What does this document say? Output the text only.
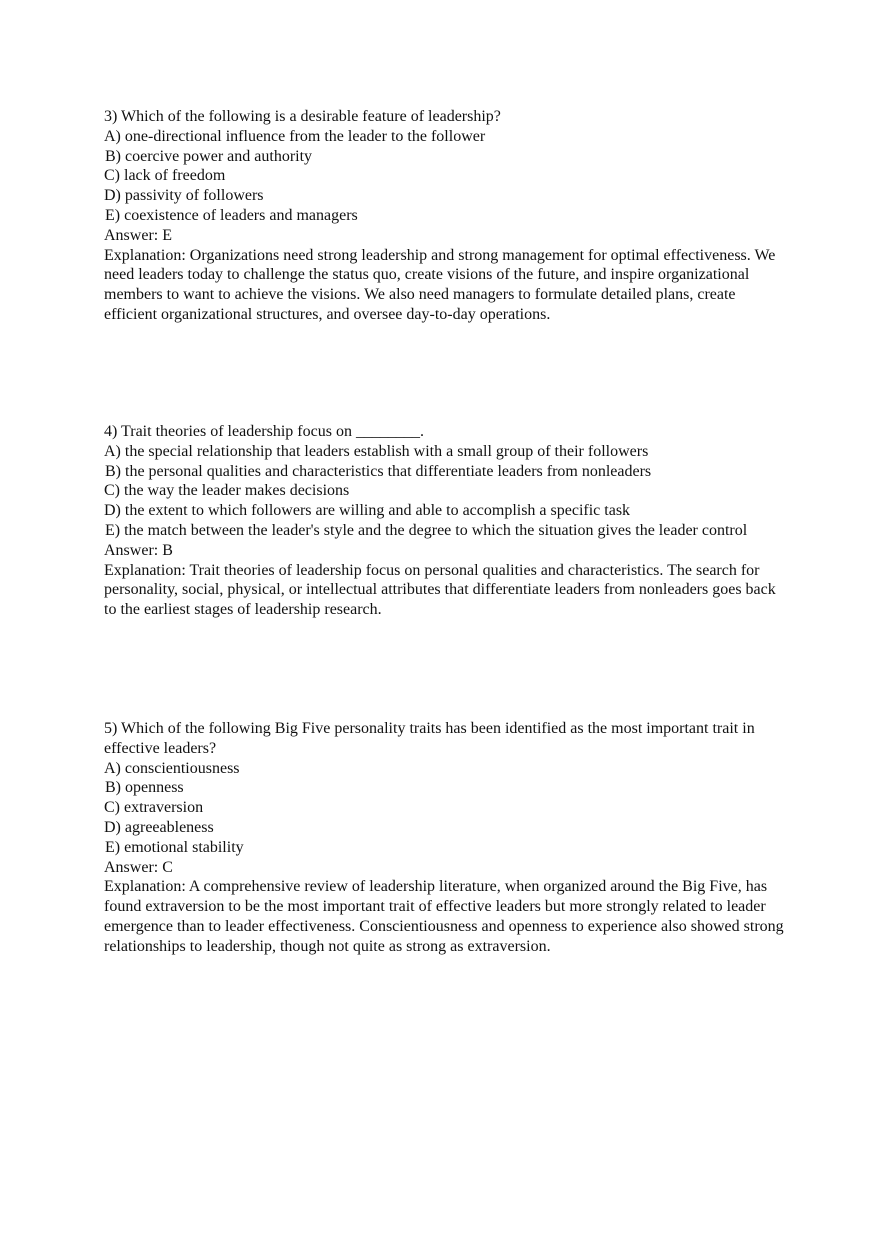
3) Which of the following is a desirable feature of leadership?
A) one-directional influence from the leader to the follower
B) coercive power and authority
C) lack of freedom
D) passivity of followers
E) coexistence of leaders and managers
Answer: E
Explanation: Organizations need strong leadership and strong management for optimal effectiveness. We need leaders today to challenge the status quo, create visions of the future, and inspire organizational members to want to achieve the visions. We also need managers to formulate detailed plans, create efficient organizational structures, and oversee day-to-day operations.
4) Trait theories of leadership focus on ________.
A) the special relationship that leaders establish with a small group of their followers
B) the personal qualities and characteristics that differentiate leaders from nonleaders
C) the way the leader makes decisions
D) the extent to which followers are willing and able to accomplish a specific task
E) the match between the leader's style and the degree to which the situation gives the leader control
Answer: B
Explanation: Trait theories of leadership focus on personal qualities and characteristics. The search for personality, social, physical, or intellectual attributes that differentiate leaders from nonleaders goes back to the earliest stages of leadership research.
5) Which of the following Big Five personality traits has been identified as the most important trait in effective leaders?
A) conscientiousness
B) openness
C) extraversion
D) agreeableness
E) emotional stability
Answer: C
Explanation: A comprehensive review of leadership literature, when organized around the Big Five, has found extraversion to be the most important trait of effective leaders but more strongly related to leader emergence than to leader effectiveness. Conscientiousness and openness to experience also showed strong relationships to leadership, though not quite as strong as extraversion.
